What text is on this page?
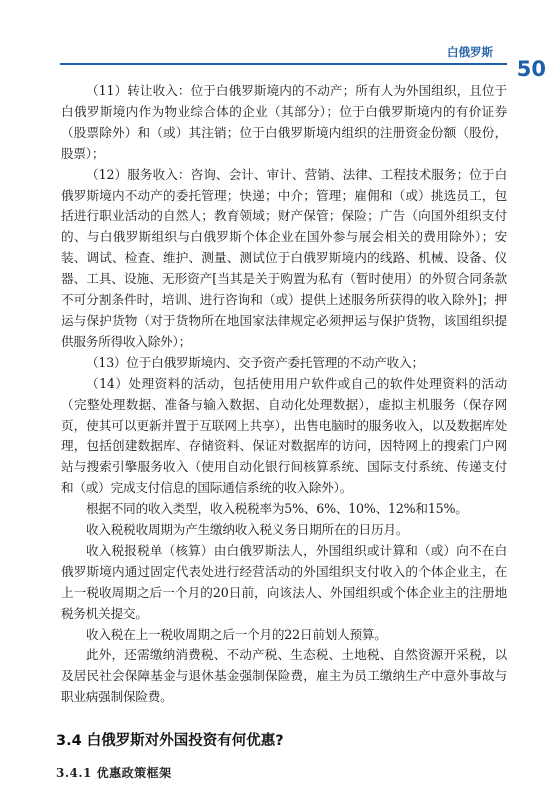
白俄罗斯
50

（11）转让收入：位于白俄罗斯境内的不动产；所有人为外国组织，且位于白俄罗斯境内作为物业综合体的企业（其部分）；位于白俄罗斯境内的有价证券（股票除外）和（或）其注销；位于白俄罗斯境内组织的注册资金份额（股份，股票）；

（12）服务收入：咨询、会计、审计、营销、法律、工程技术服务；位于白俄罗斯境内不动产的委托管理；快递；中介；管理；雇佣和（或）挑选员工，包括进行职业活动的自然人；教育领域；财产保管；保险；广告（向国外组织支付的、与白俄罗斯组织与白俄罗斯个体企业在国外参与展会相关的费用除外）；安装、调试、检查、维护、测量、测试位于白俄罗斯境内的线路、机械、设备、仪器、工具、设施、无形资产[当其是关于购置为私有（暂时使用）的外贸合同条款不可分割条件时，培训、进行咨询和（或）提供上述服务所获得的收入除外]；押运与保护货物（对于货物所在地国家法律规定必须押运与保护货物，该国组织提供服务所得收入除外）；

（13）位于白俄罗斯境内、交予资产委托管理的不动产收入；

（14）处理资料的活动，包括使用用户软件或自己的软件处理资料的活动（完整处理数据、准备与输入数据、自动化处理数据），虚拟主机服务（保存网页，使其可以更新并置于互联网上共享），出售电脑时的服务收入，以及数据库处理，包括创建数据库、存储资料、保证对数据库的访问，因特网上的搜索门户网站与搜索引擎服务收入（使用自动化银行间核算系统、国际支付系统、传递支付和（或）完成支付信息的国际通信系统的收入除外）。

根据不同的收入类型，收入税税率为5%、6%、10%、12%和15%。

收入税税收周期为产生缴纳收入税义务日期所在的日历月。

收入税报税单（核算）由白俄罗斯法人，外国组织或计算和（或）向不在白俄罗斯境内通过固定代表处进行经营活动的外国组织支付收入的个体企业主，在上一税收周期之后一个月的20日前，向该法人、外国组织或个体企业主的注册地税务机关提交。

收入税在上一税收周期之后一个月的22日前划人预算。

此外，还需缴纳消费税、不动产税、生态税、土地税、自然资源开采税，以及居民社会保障基金与退休基金强制保险费，雇主为员工缴纳生产中意外事故与职业病强制保险费。

3.4 白俄罗斯对外国投资有何优惠?
3.4.1 优惠政策框架
